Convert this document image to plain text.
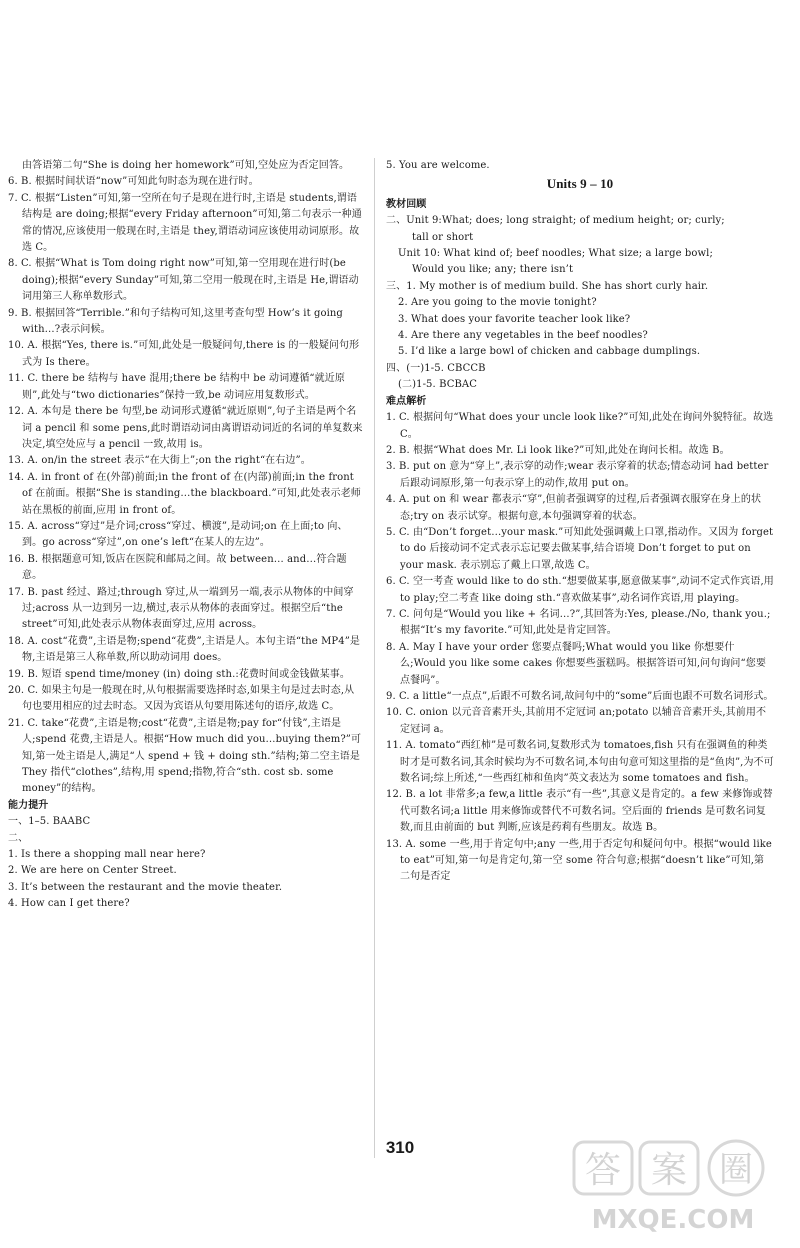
由答语第二句“She is doing her homework”可知,空处应为否定回答。
6. B. 根据时间状语“now”可知此句时态为现在进行时。
7. C. 根据“Listen”可知,第一空所在句子是现在进行时,主语是 students,谓语结构是 are doing;根据“every Friday afternoon”可知,第二句表示一种通常的情况,应该使用一般现在时,主语是 they,谓语动词应该使用动词原形。故选 C。
8. C. 根据“What is Tom doing right now”可知,第一空用现在进行时(be doing);根据“every Sunday”可知,第二空用一般现在时,主语是 He,谓语动词用第三人称单数形式。
9. B. 根据回答“Terrible.”和句子结构可知,这里考查句型 How’s it going with…?表示问候。
10. A. 根据“Yes, there is.”可知,此处是一般疑问句,there is 的一般疑问句形式为 Is there。
11. C. there be 结构与 have 混用;there be 结构中 be 动词遵循“就近原则”,此处与“two dictionaries”保持一致,be 动词应用复数形式。
12. A. 本句是 there be 句型,be 动词形式遵循“就近原则”,句子主语是两个名词 a pencil 和 some pens,此时谓语动词由离谓语动词近的名词的单复数来决定,填空处应与 a pencil 一致,故用 is。
13. A. on/in the street 表示“在大街上”;on the right“在右边”。
14. A. in front of 在(外部)前面;in the front of 在(内部)前面;in the front of 在前面。根据“She is standing…the blackboard.”可知,此处表示老师站在黑板的前面,应用 in front of。
15. A. across“穿过”是介词;cross“穿过、横渡”,是动词;on 在上面;to 向、到。go across“穿过”,on one’s left“在某人的左边”。
16. B. 根据题意可知,饭店在医院和邮局之间。故 between… and…符合题意。
17. B. past 经过、路过;through 穿过,从一端到另一端,表示从物体的中间穿过;across 从一边到另一边,横过,表示从物体的表面穿过。根据空后“the street”可知,此处表示从物体表面穿过,应用 across。
18. A. cost“花费”,主语是物;spend“花费”,主语是人。本句主语“the MP4”是物,主语是第三人称单数,所以助动词用 does。
19. B. 短语 spend time/money (in) doing sth.:花费时间或金钱做某事。
20. C. 如果主句是一般现在时,从句根据需要选择时态,如果主句是过去时态,从句也要用相应的过去时态。又因为宾语从句要用陈述句的语序,故选 C。
21. C. take“花费”,主语是物;cost“花费”,主语是物;pay for“付钱”,主语是人;spend 花费,主语是人。根据“How much did you…buying them?”可知,第一处主语是人,满足“人 spend + 钱 + doing sth.”结构;第二空主语是 They 指代“clothes”,结构,用 spend;指物,符合“sth. cost sb. some money”的结构。
能力提升
一、1–5. BAABC
二、
1. Is there a shopping mall near here?
2. We are here on Center Street.
3. It’s between the restaurant and the movie theater.
4. How can I get there?
5. You are welcome.
Units 9 – 10
教材回顾
二、Unit 9:What; does; long straight; of medium height; or; curly;
tall or short
Unit 10: What kind of; beef noodles; What size; a large bowl;
Would you like; any; there isn’t
三、1. My mother is of medium build. She has short curly hair.
2. Are you going to the movie tonight?
3. What does your favorite teacher look like?
4. Are there any vegetables in the beef noodles?
5. I’d like a large bowl of chicken and cabbage dumplings.
四、(一)1-5. CBCCB
(二)1-5. BCBAC
难点解析
1. C. 根据问句“What does your uncle look like?”可知,此处在询问外貌特征。故选 C。
2. B. 根据“What does Mr. Li look like?”可知,此处在询问长相。故选 B。
3. B. put on 意为“穿上”,表示穿的动作;wear 表示穿着的状态;情态动词 had better 后跟动词原形,第一句表示穿上的动作,故用 put on。
4. A. put on 和 wear 都表示“穿”,但前者强调穿的过程,后者强调衣服穿在身上的状态;try on 表示试穿。根据句意,本句强调穿着的状态。
5. C. 由“Don’t forget…your mask.”可知此处强调戴上口罩,指动作。又因为 forget to do 后接动词不定式表示忘记要去做某事,结合语境 Don’t forget to put on your mask. 表示别忘了戴上口罩,故选 C。
6. C. 空一考查 would like to do sth.“想要做某事,愿意做某事”,动词不定式作宾语,用 to play;空二考查 like doing sth.“喜欢做某事”,动名词作宾语,用 playing。
7. C. 问句是“Would you like + 名词…?”,其回答为:Yes, please./No, thank you.;根据“It’s my favorite.”可知,此处是肯定回答。
8. A. May I have your order 您要点餐吗;What would you like 你想要什么;Would you like some cakes 你想要些蛋糕吗。根据答语可知,问句询问“您要点餐吗”。
9. C. a little“一点点”,后跟不可数名词,故问句中的“some”后面也跟不可数名词形式。
10. C. onion 以元音音素开头,其前用不定冠词 an;potato 以辅音音素开头,其前用不定冠词 a。
11. A. tomato“西红柿”是可数名词,复数形式为 tomatoes,fish 只有在强调鱼的种类时才是可数名词,其余时候均为不可数名词,本句由句意可知这里指的是“鱼肉”,为不可数名词;综上所述,“一些西红柿和鱼肉”英文表达为 some tomatoes and fish。
12. B. a lot 非常多;a few,a little 表示“有一些”,其意义是肯定的。a few 来修饰或替代可数名词;a little 用来修饰或替代不可数名词。空后面的 friends 是可数名词复数,而且由前面的 but 判断,应该是药莉有些朋友。故选 B。
13. A. some 一些,用于肯定句中;any 一些,用于否定句和疑问句中。根据“would like to eat”可知,第一句是肯定句,第一空 some 符合句意;根据“doesn’t like”可知,第二句是否定
310
答 案 圈
MXQE.COM
